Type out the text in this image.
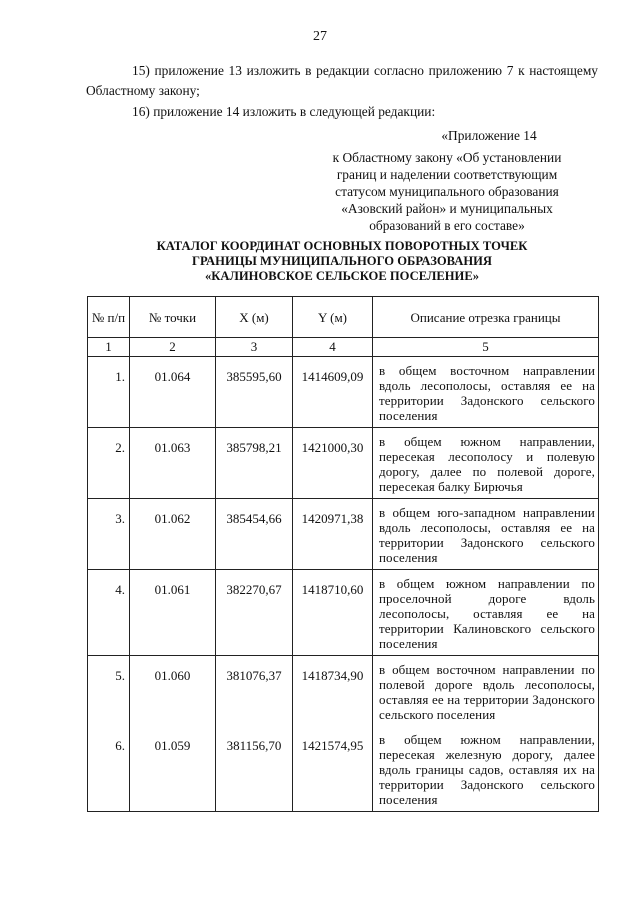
27
15) приложение 13 изложить в редакции согласно приложению 7 к настоящему Областному закону;
16) приложение 14 изложить в следующей редакции:
«Приложение 14
к Областному закону «Об установлении
границ и наделении соответствующим
статусом муниципального образования
«Азовский район» и муниципальных
образований в его составе»
КАТАЛОГ КООРДИНАТ ОСНОВНЫХ ПОВОРОТНЫХ ТОЧЕК
ГРАНИЦЫ МУНИЦИПАЛЬНОГО ОБРАЗОВАНИЯ
«КАЛИНОВСКОЕ СЕЛЬСКОЕ ПОСЕЛЕНИЕ»
№ п/п	№ точки	X (м)	Y (м)	Описание отрезка границы
1	2	3	4	5
1.	01.064	385595,60	1414609,09	в общем восточном направлении вдоль лесополосы, оставляя ее на территории Задонского сельского поселения
2.	01.063	385798,21	1421000,30	в общем южном направлении, пересекая лесополосу и полевую дорогу, далее по полевой дороге, пересекая балку Бирючья
3.	01.062	385454,66	1420971,38	в общем юго-западном направлении вдоль лесополосы, оставляя ее на территории Задонского сельского поселения
4.	01.061	382270,67	1418710,60	в общем южном направлении по проселочной дороге вдоль лесополосы, оставляя ее на территории Калиновского сельского поселения
5.	01.060	381076,37	1418734,90	в общем восточном направлении по полевой дороге вдоль лесополосы, оставляя ее на территории Задонского сельского поселения
6.	01.059	381156,70	1421574,95	в общем южном направлении, пересекая железную дорогу, далее вдоль границы садов, оставляя их на территории Задонского сельского поселения
